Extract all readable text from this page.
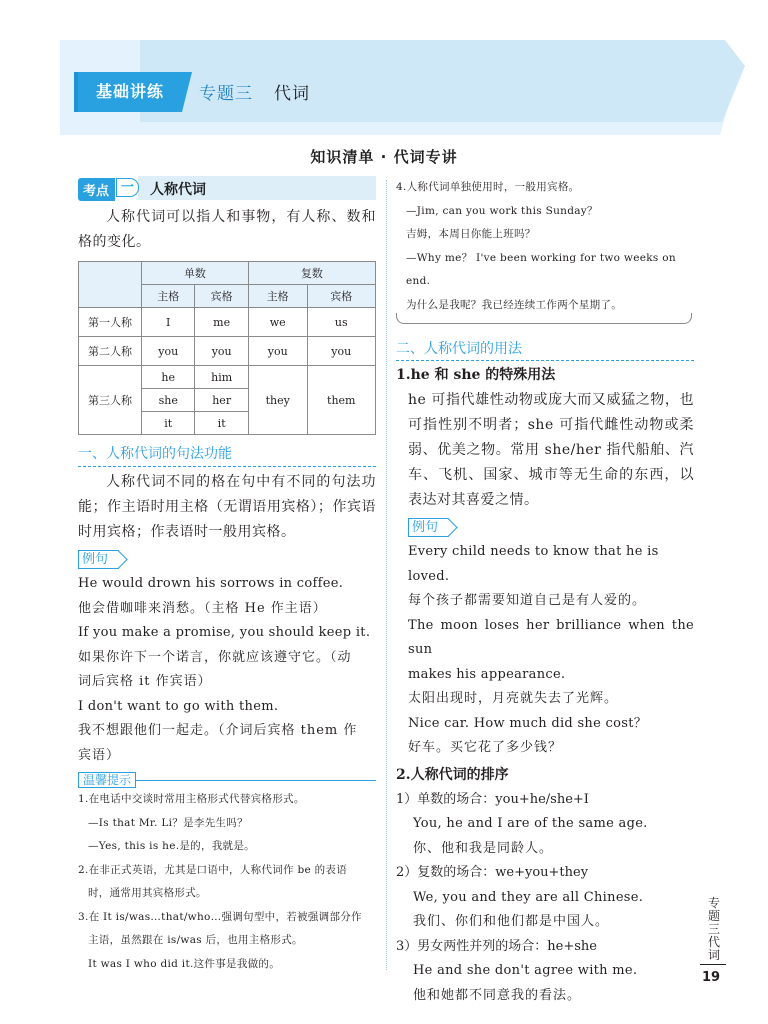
基础讲练 专题三 代词
知识清单 · 代词专讲
人称代词
考点 一

人称代词可以指人和事物，有人称、数和格的变化。

	单数		复数	
	主格	宾格	主格	宾格
第一人称	I	me	we	us
第二人称	you	you	you	you
第三人称	he	him	they	them
	she	her		
	it	it		
一、人称代词的句法功能

人称代词不同的格在句中有不同的句法功能；作主语时用主格（无谓语用宾格）；作宾语时用宾格；作表语时一般用宾格。

例句

He would drown his sorrows in coffee.

他会借咖啡来消愁。（主格 He 作主语）

If you make a promise, you should keep it.

如果你许下一个诺言，你就应该遵守它。（动

词后宾格 it 作宾语）

I don't want to go with them.

我不想跟他们一起走。（介词后宾格 them 作

宾语）

温馨提示

1.在电话中交谈时常用主格形式代替宾格形式。

—Is that Mr. Li？是李先生吗？

—Yes, this is he.是的，我就是。

2.在非正式英语，尤其是口语中，人称代词作 be 的表语

时，通常用其宾格形式。

3.在 It is/was…that/who…强调句型中，若被强调部分作

主语，虽然跟在 is/was 后，也用主格形式。

It was I who did it.这件事是我做的。

4.人称代词单独使用时，一般用宾格。

—Jim, can you work this Sunday？

吉姆，本周日你能上班吗？

—Why me？ I've been working for two weeks on end.

为什么是我呢？我已经连续工作两个星期了。

二、人称代词的用法
1.he 和 she 的特殊用法

he 可指代雄性动物或庞大而又威猛之物，也可指性别不明者；she 可指代雌性动物或柔弱、优美之物。常用 she/her 指代船舶、汽车、飞机、国家、城市等无生命的东西，以表达对其喜爱之情。

例句

Every child needs to know that he is loved.

每个孩子都需要知道自己是有人爱的。

The moon loses her brilliance when the sun

makes his appearance.

太阳出现时，月亮就失去了光辉。

Nice car. How much did she cost？

好车。买它花了多少钱？

2.人称代词的排序

1）单数的场合：you+he/she+I

You, he and I are of the same age.

你、他和我是同龄人。

2）复数的场合：we+you+they

We, you and they are all Chinese.

我们、你们和他们都是中国人。

3）男女两性并列的场合：he+she

He and she don't agree with me.

他和她都不同意我的看法。

专题三 代词
19
